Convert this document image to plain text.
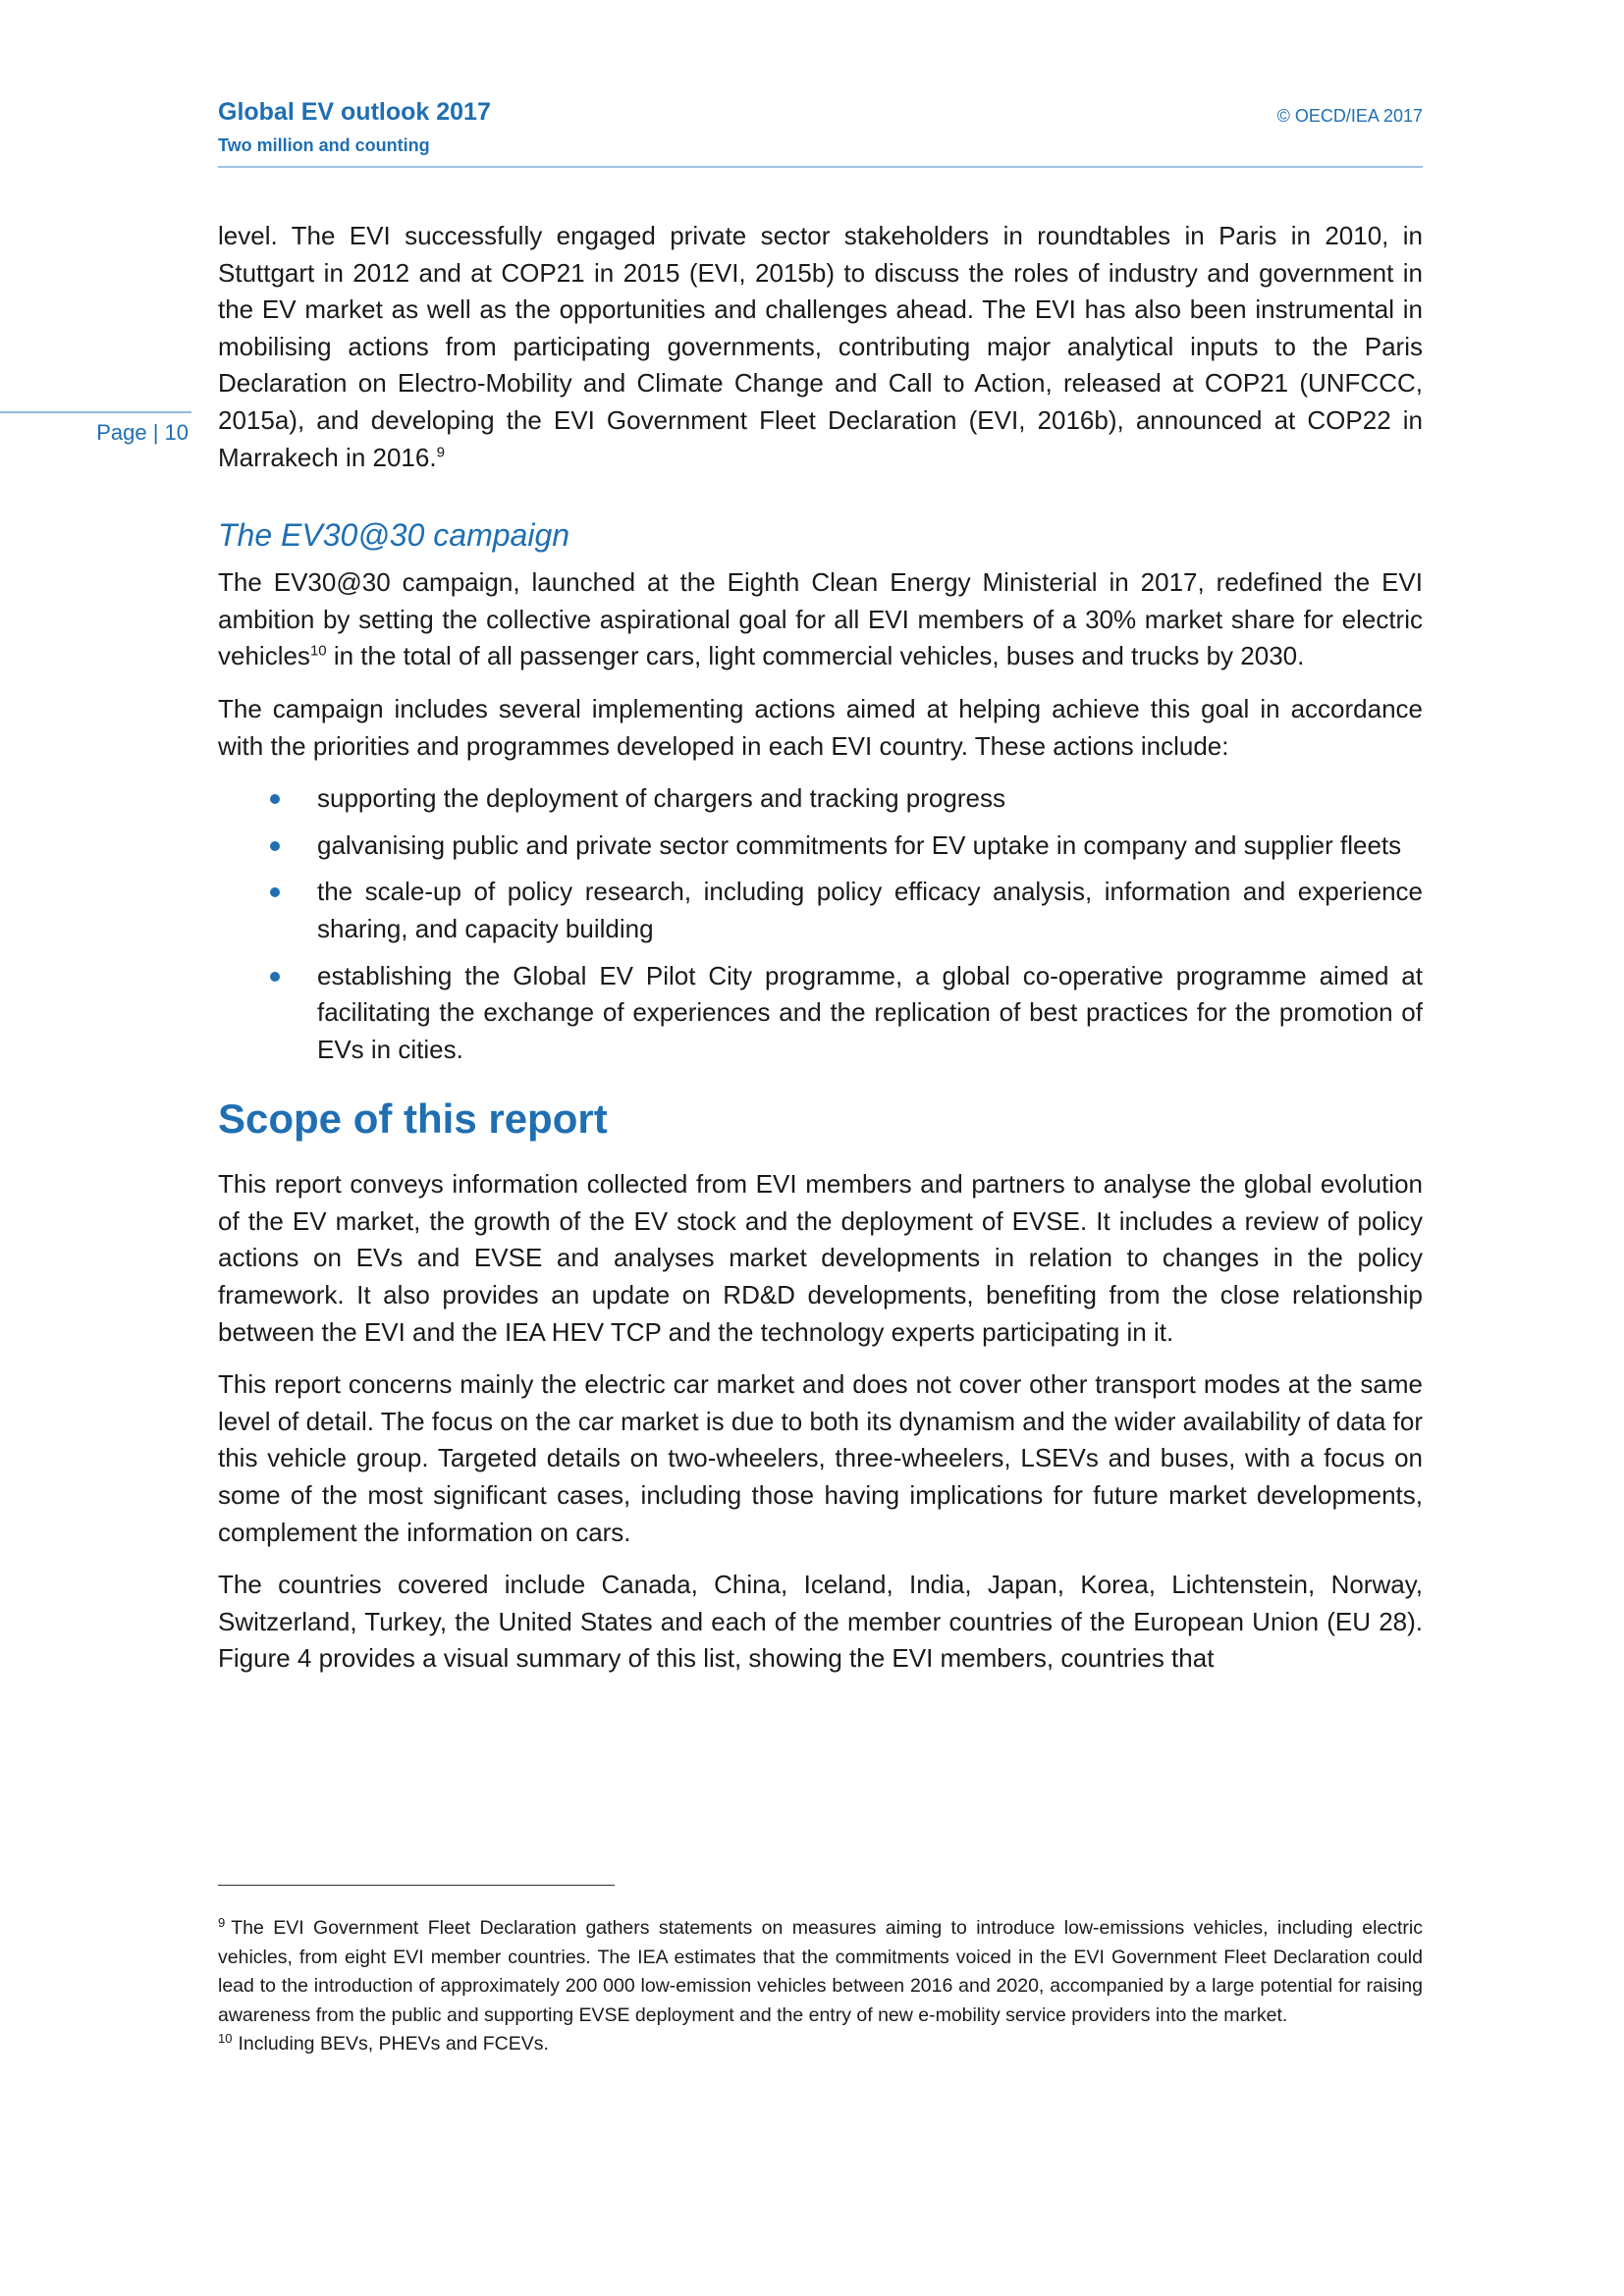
Global EV outlook 2017
Two million and counting
© OECD/IEA 2017
Page | 10

level. The EVI successfully engaged private sector stakeholders in roundtables in Paris in 2010, in Stuttgart in 2012 and at COP21 in 2015 (EVI, 2015b) to discuss the roles of industry and government in the EV market as well as the opportunities and challenges ahead. The EVI has also been instrumental in mobilising actions from participating governments, contributing major analytical inputs to the Paris Declaration on Electro-Mobility and Climate Change and Call to Action, released at COP21 (UNFCCC, 2015a), and developing the EVI Government Fleet Declaration (EVI, 2016b), announced at COP22 in Marrakech in 2016.$^9$

The EV30@30 campaign

The EV30@30 campaign, launched at the Eighth Clean Energy Ministerial in 2017, redefined the EVI ambition by setting the collective aspirational goal for all EVI members of a 30% market share for electric vehicles$^{10}$ in the total of all passenger cars, light commercial vehicles, buses and trucks by 2030.

The campaign includes several implementing actions aimed at helping achieve this goal in accordance with the priorities and programmes developed in each EVI country. These actions include:

supporting the deployment of chargers and tracking progress
galvanising public and private sector commitments for EV uptake in company and supplier fleets
the scale-up of policy research, including policy efficacy analysis, information and experience sharing, and capacity building
establishing the Global EV Pilot City programme, a global co-operative programme aimed at facilitating the exchange of experiences and the replication of best practices for the promotion of EVs in cities.
Scope of this report

This report conveys information collected from EVI members and partners to analyse the global evolution of the EV market, the growth of the EV stock and the deployment of EVSE. It includes a review of policy actions on EVs and EVSE and analyses market developments in relation to changes in the policy framework. It also provides an update on RD&D developments, benefiting from the close relationship between the EVI and the IEA HEV TCP and the technology experts participating in it.

This report concerns mainly the electric car market and does not cover other transport modes at the same level of detail. The focus on the car market is due to both its dynamism and the wider availability of data for this vehicle group. Targeted details on two-wheelers, three-wheelers, LSEVs and buses, with a focus on some of the most significant cases, including those having implications for future market developments, complement the information on cars.

The countries covered include Canada, China, Iceland, India, Japan, Korea, Lichtenstein, Norway, Switzerland, Turkey, the United States and each of the member countries of the European Union (EU 28). Figure 4 provides a visual summary of this list, showing the EVI members, countries that

$^9$ The EVI Government Fleet Declaration gathers statements on measures aiming to introduce low-emissions vehicles, including electric vehicles, from eight EVI member countries. The IEA estimates that the commitments voiced in the EVI Government Fleet Declaration could lead to the introduction of approximately 200 000 low-emission vehicles between 2016 and 2020, accompanied by a large potential for raising awareness from the public and supporting EVSE deployment and the entry of new e-mobility service providers into the market.

$^{10}$ Including BEVs, PHEVs and FCEVs.
